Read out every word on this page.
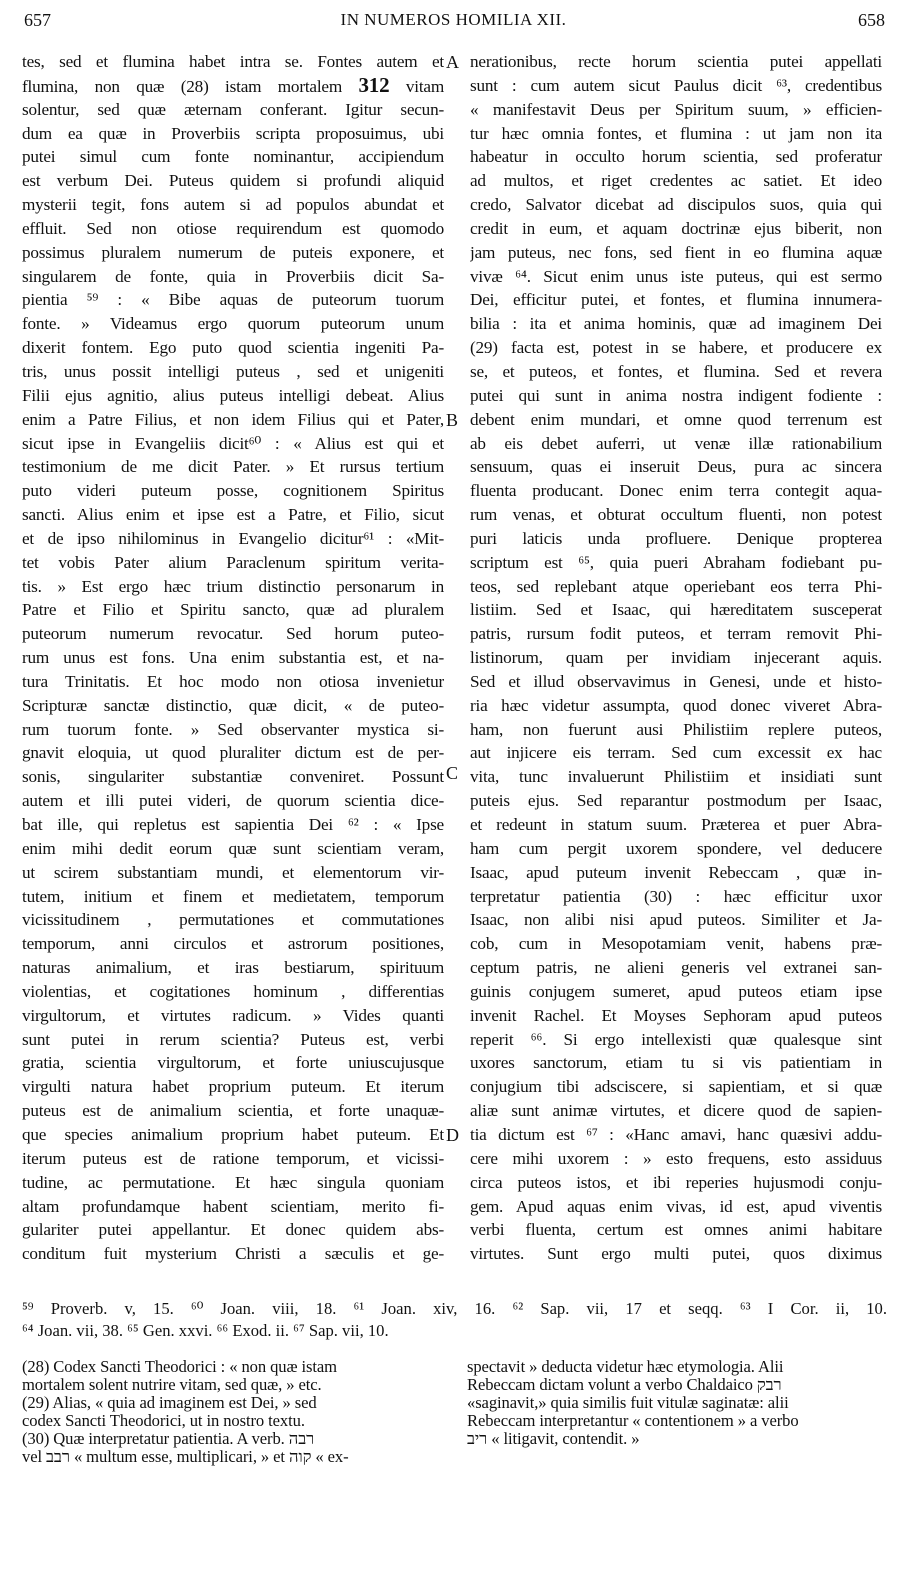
657	IN NUMEROS HOMILIA XII.	658
tes, sed et flumina habet intra se. Fontes autem et
flumina, non quæ (28) istam mortalem 312 vitam
solentur, sed quæ æternam conferant. Igitur secun-
dum ea quæ in Proverbiis scripta proposuimus, ubi
putei simul cum fonte nominantur, accipiendum
est verbum Dei. Puteus quidem si profundi aliquid
mysterii tegit, fons autem si ad populos abundat et
effluit. Sed non otiose requirendum est quomodo
possimus pluralem numerum de puteis exponere, et
singularem de fonte, quia in Proverbiis dicit Sa-
pientia ⁵⁹ : « Bibe aquas de puteorum tuorum
fonte. » Videamus ergo quorum puteorum unum
dixerit fontem. Ego puto quod scientia ingeniti Pa-
tris, unus possit intelligi puteus , sed et unigeniti
Filii ejus agnitio, alius puteus intelligi debeat. Alius
enim a Patre Filius, et non idem Filius qui et Pater,
sicut ipse in Evangeliis dicit⁶⁰ : « Alius est qui et
testimonium de me dicit Pater. » Et rursus tertium
puto videri puteum posse, cognitionem Spiritus
sancti. Alius enim et ipse est a Patre, et Filio, sicut
et de ipso nihilominus in Evangelio dicitur⁶¹ : «Mit-
tet vobis Pater alium Paraclenum spiritum verita-
tis. » Est ergo hæc trium distinctio personarum in
Patre et Filio et Spiritu sancto, quæ ad pluralem
puteorum numerum revocatur. Sed horum puteo-
rum unus est fons. Una enim substantia est, et na-
tura Trinitatis. Et hoc modo non otiosa invenietur
Scripturæ sanctæ distinctio, quæ dicit, « de puteo-
rum tuorum fonte. » Sed observanter mystica si-
gnavit eloquia, ut quod pluraliter dictum est de per-
sonis, singulariter substantiæ conveniret. Possunt
autem et illi putei videri, de quorum scientia dice-
bat ille, qui repletus est sapientia Dei ⁶² : « Ipse
enim mihi dedit eorum quæ sunt scientiam veram,
ut scirem substantiam mundi, et elementorum vir-
tutem, initium et finem et medietatem, temporum
vicissitudinem , permutationes et commutationes
temporum, anni circulos et astrorum positiones,
naturas animalium, et iras bestiarum, spirituum
violentias, et cogitationes hominum , differentias
virgultorum, et virtutes radicum. » Vides quanti
sunt putei in rerum scientia? Puteus est, verbi
gratia, scientia virgultorum, et forte uniuscujusque
virgulti natura habet proprium puteum. Et iterum
puteus est de animalium scientia, et forte unaquæ-
que species animalium proprium habet puteum. Et
iterum puteus est de ratione temporum, et vicissi-
tudine, ac permutatione. Et hæc singula quoniam
altam profundamque habent scientiam, merito fi-
gulariter putei appellantur. Et donec quidem abs-
conditum fuit mysterium Christi a sæculis et ge-
nerationibus, recte horum scientia putei appellati
sunt : cum autem sicut Paulus dicit ⁶³, credentibus
« manifestavit Deus per Spiritum suum, » efficien-
tur hæc omnia fontes, et flumina : ut jam non ita
habeatur in occulto horum scientia, sed proferatur
ad multos, et riget credentes ac satiet. Et ideo
credo, Salvator dicebat ad discipulos suos, quia qui
credit in eum, et aquam doctrinæ ejus biberit, non
jam puteus, nec fons, sed fient in eo flumina aquæ
vivæ ⁶⁴. Sicut enim unus iste puteus, qui est sermo
Dei, efficitur putei, et fontes, et flumina innumera-
bilia : ita et anima hominis, quæ ad imaginem Dei
(29) facta est, potest in se habere, et producere ex
se, et puteos, et fontes, et flumina. Sed et revera
putei qui sunt in anima nostra indigent fodiente :
debent enim mundari, et omne quod terrenum est
ab eis debet auferri, ut venæ illæ rationabilium
sensuum, quas ei inseruit Deus, pura ac sincera
fluenta producant. Donec enim terra contegit aqua-
rum venas, et obturat occultum fluenti, non potest
puri laticis unda profluere. Denique propterea
scriptum est ⁶⁵, quia pueri Abraham fodiebant pu-
teos, sed replebant atque operiebant eos terra Phi-
listiim. Sed et Isaac, qui hæreditatem susceperat
patris, rursum fodit puteos, et terram removit Phi-
listinorum, quam per invidiam injecerant aquis.
Sed et illud observavimus in Genesi, unde et histo-
ria hæc videtur assumpta, quod donec viveret Abra-
ham, non fuerunt ausi Philistiim replere puteos,
aut injicere eis terram. Sed cum excessit ex hac
vita, tunc invaluerunt Philistiim et insidiati sunt
puteis ejus. Sed reparantur postmodum per Isaac,
et redeunt in statum suum. Præterea et puer Abra-
ham cum pergit uxorem spondere, vel deducere
Isaac, apud puteum invenit Rebeccam , quæ in-
terpretatur patientia (30) : hæc efficitur uxor
Isaac, non alibi nisi apud puteos. Similiter et Ja-
cob, cum in Mesopotamiam venit, habens præ-
ceptum patris, ne alieni generis vel extranei san-
guinis conjugem sumeret, apud puteos etiam ipse
invenit Rachel. Et Moyses Sephoram apud puteos
reperit ⁶⁶. Si ergo intellexisti quæ qualesque sint
uxores sanctorum, etiam tu si vis patientiam in
conjugium tibi adsciscere, si sapientiam, et si quæ
aliæ sunt animæ virtutes, et dicere quod de sapien-
tia dictum est ⁶⁷ : «Hanc amavi, hanc quæsivi addu-
cere mihi uxorem : » esto frequens, esto assiduus
circa puteos istos, et ibi reperies hujusmodi conju-
gem. Apud aquas enim vivas, id est, apud viventis
verbi fluenta, certum est omnes animi habitare
virtutes. Sunt ergo multi putei, quos diximus
A
B
C
D
⁵⁹ Proverb. v, 15. ⁶⁰ Joan. viii, 18. ⁶¹ Joan. xiv, 16. ⁶² Sap. vii, 17 et seqq. ⁶³ I Cor. ii, 10.
⁶⁴ Joan. vii, 38. ⁶⁵ Gen. xxvi. ⁶⁶ Exod. ii. ⁶⁷ Sap. vii, 10.
(28) Codex Sancti Theodorici : « non quæ istam
mortalem solent nutrire vitam, sed quæ, » etc.
(29) Alias, « quia ad imaginem est Dei, » sed
codex Sancti Theodorici, ut in nostro textu.
(30) Quæ interpretatur patientia. A verb. רבה
vel רבב « multum esse, multiplicari, » et קוה « ex-
spectavit » deducta videtur hæc etymologia. Alii
Rebeccam dictam volunt a verbo Chaldaico רבק
«saginavit,» quia similis fuit vitulæ saginatæ: alii
Rebeccam interpretantur « contentionem » a verbo
ריב « litigavit, contendit. »
